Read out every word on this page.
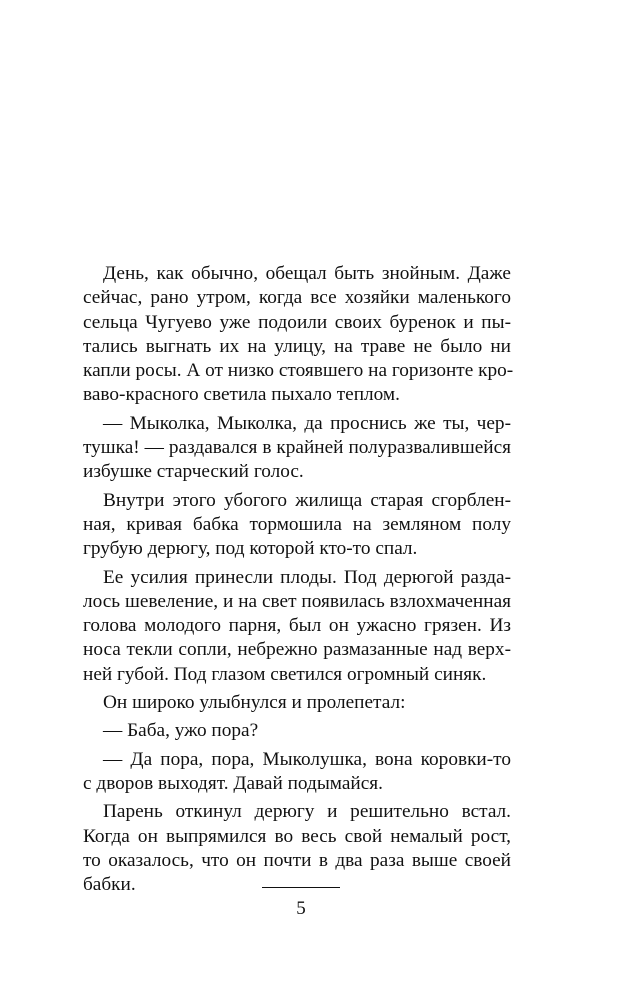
День, как обычно, обещал быть знойным. Даже
сейчас, рано утром, когда все хозяйки маленького
сельца Чугуево уже подоили своих буренок и пы-
тались выгнать их на улицу, на траве не было ни
капли росы. А от низко стоявшего на горизонте кро-
ваво-красного светила пыхало теплом.
— Мыколка, Мыколка, да проснись же ты, чер-
тушка! — раздавался в крайней полуразвалившейся
избушке старческий голос.
Внутри этого убогого жилища старая сгорблен-
ная, кривая бабка тормошила на земляном полу
грубую дерюгу, под которой кто-то спал.
Ее усилия принесли плоды. Под дерюгой разда-
лось шевеление, и на свет появилась взлохмаченная
голова молодого парня, был он ужасно грязен. Из
носа текли сопли, небрежно размазанные над верх-
ней губой. Под глазом светился огромный синяк.
Он широко улыбнулся и пролепетал:
— Баба, ужо пора?
— Да пора, пора, Мыколушка, вона коровки-то
с дворов выходят. Давай подымайся.
Парень откинул дерюгу и решительно встал.
Когда он выпрямился во весь свой немалый рост,
то оказалось, что он почти в два раза выше своей
бабки.
5
